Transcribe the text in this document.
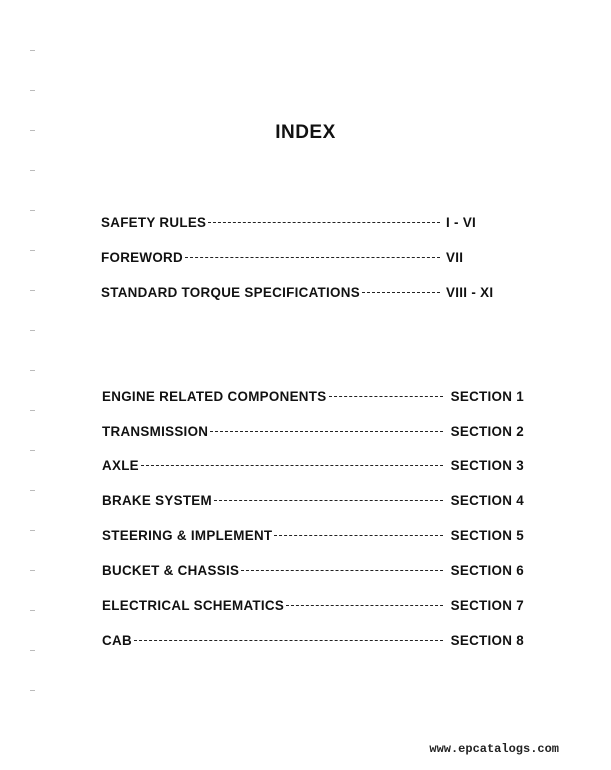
INDEX
SAFETY RULES	I - VI
FOREWORD	VII
STANDARD TORQUE SPECIFICATIONS	VIII - XI
ENGINE RELATED COMPONENTS	SECTION 1
TRANSMISSION	SECTION 2
AXLE	SECTION 3
BRAKE SYSTEM	SECTION 4
STEERING & IMPLEMENT	SECTION 5
BUCKET & CHASSIS	SECTION 6
ELECTRICAL SCHEMATICS	SECTION 7
CAB	SECTION 8
www.epcatalogs.com
